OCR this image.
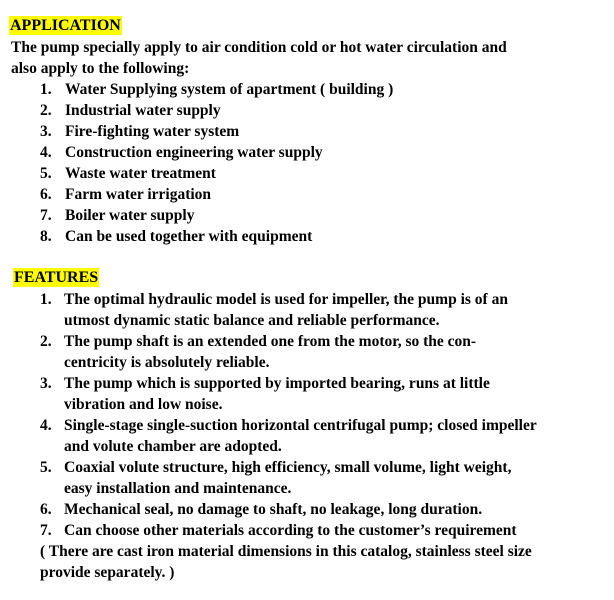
APPLICATION
The pump specially apply to air condition cold or hot water circulation and
also apply to the following:
1. Water Supplying system of apartment ( building )
2. Industrial water supply
3. Fire-fighting water system
4. Construction engineering water supply
5. Waste water treatment
6. Farm water irrigation
7. Boiler water supply
8. Can be used together with equipment
FEATURES
1. The optimal hydraulic model is used for impeller, the pump is of an
utmost dynamic static balance and reliable performance.
2. The pump shaft is an extended one from the motor, so the con-
centricity is absolutely reliable.
3. The pump which is supported by imported bearing, runs at little
vibration and low noise.
4. Single-stage single-suction horizontal centrifugal pump; closed impeller
and volute chamber are adopted.
5. Coaxial volute structure, high efficiency, small volume, light weight,
easy installation and maintenance.
6. Mechanical seal, no damage to shaft, no leakage, long duration.
7. Can choose other materials according to the customer’s requirement
( There are cast iron material dimensions in this catalog, stainless steel size
provide separately. )
